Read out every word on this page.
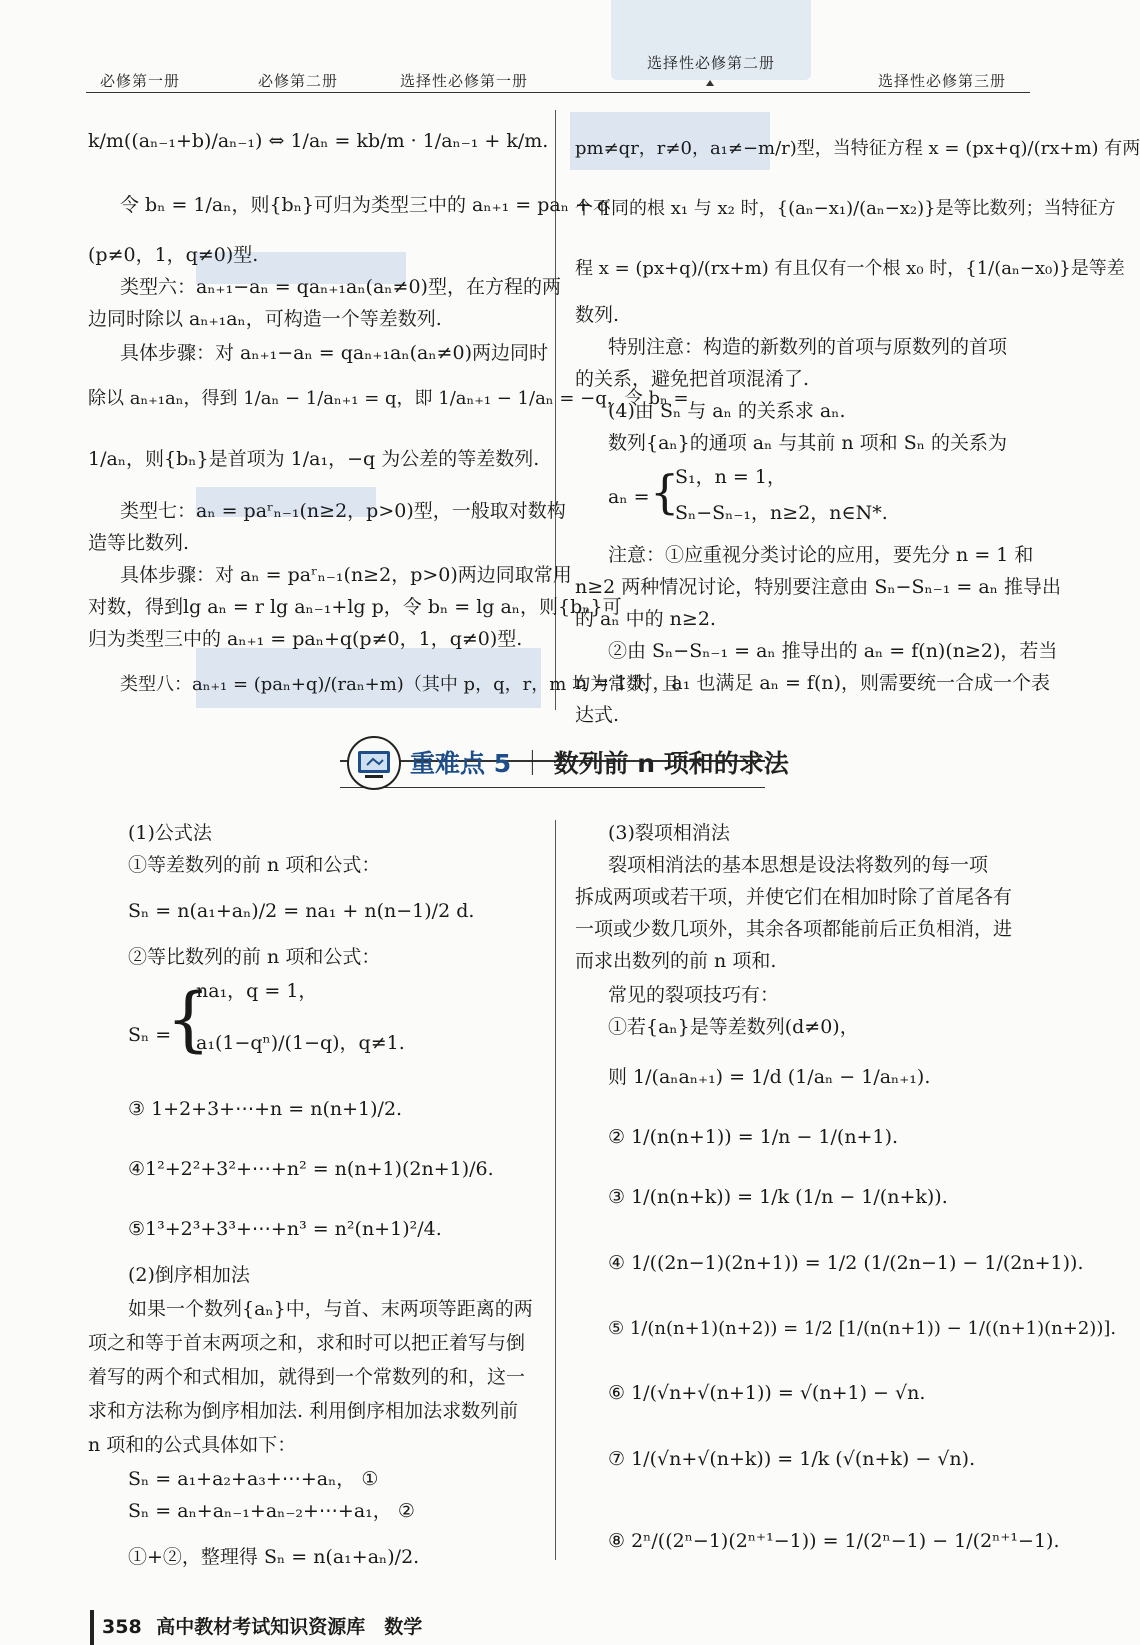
必修第一册	必修第二册	选择性必修第一册
选择性必修第二册
选择性必修第三册
k/m((aₙ₋₁+b)/aₙ₋₁) ⇔ 1/aₙ = kb/m · 1/aₙ₋₁ + k/m.
令 bₙ = 1/aₙ，则{bₙ}可归为类型三中的 aₙ₊₁ = paₙ + q
(p≠0，1，q≠0)型.
类型六：aₙ₊₁−aₙ = qaₙ₊₁aₙ(aₙ≠0)型，在方程的两
边同时除以 aₙ₊₁aₙ，可构造一个等差数列.
具体步骤：对 aₙ₊₁−aₙ = qaₙ₊₁aₙ(aₙ≠0)两边同时
除以 aₙ₊₁aₙ，得到 1/aₙ − 1/aₙ₊₁ = q，即 1/aₙ₊₁ − 1/aₙ = −q，令 bₙ =
1/aₙ，则{bₙ}是首项为 1/a₁，−q 为公差的等差数列.
类型七：aₙ = paʳₙ₋₁(n≥2，p>0)型，一般取对数构
造等比数列.
具体步骤：对 aₙ = paʳₙ₋₁(n≥2，p>0)两边同取常用
对数，得到lg aₙ = r lg aₙ₋₁+lg p，令 bₙ = lg aₙ，则{bₙ}可
归为类型三中的 aₙ₊₁ = paₙ+q(p≠0，1，q≠0)型.
类型八：aₙ₊₁ = (paₙ+q)/(raₙ+m)（其中 p，q，r，m 均为常数，且
pm≠qr，r≠0，a₁≠−m/r)型，当特征方程 x = (px+q)/(rx+m) 有两
个不同的根 x₁ 与 x₂ 时，{(aₙ−x₁)/(aₙ−x₂)}是等比数列；当特征方
程 x = (px+q)/(rx+m) 有且仅有一个根 x₀ 时，{1/(aₙ−x₀)}是等差
数列.
特别注意：构造的新数列的首项与原数列的首项
的关系，避免把首项混淆了.
(4)由 Sₙ 与 aₙ 的关系求 aₙ.
数列{aₙ}的通项 aₙ 与其前 n 项和 Sₙ 的关系为
aₙ = {
S₁，n = 1，
Sₙ−Sₙ₋₁，n≥2，n∈N*.
注意：①应重视分类讨论的应用，要先分 n = 1 和
n≥2 两种情况讨论，特别要注意由 Sₙ−Sₙ₋₁ = aₙ 推导出
的 aₙ 中的 n≥2.
②由 Sₙ−Sₙ₋₁ = aₙ 推导出的 aₙ = f(n)(n≥2)，若当
n = 1 时，a₁ 也满足 aₙ = f(n)，则需要统一合成一个表
达式.
重难点 5 ｜ 数列前 n 项和的求法
(1)公式法
①等差数列的前 n 项和公式：
Sₙ = n(a₁+aₙ)/2 = na₁ + n(n−1)/2 d.
②等比数列的前 n 项和公式：
Sₙ =
{
na₁，q = 1，
a₁(1−qⁿ)/(1−q)，q≠1.
③ 1+2+3+⋯+n = n(n+1)/2.
④1²+2²+3²+⋯+n² = n(n+1)(2n+1)/6.
⑤1³+2³+3³+⋯+n³ = n²(n+1)²/4.
(2)倒序相加法
如果一个数列{aₙ}中，与首、末两项等距离的两
项之和等于首末两项之和，求和时可以把正着写与倒
着写的两个和式相加，就得到一个常数列的和，这一
求和方法称为倒序相加法. 利用倒序相加法求数列前
n 项和的公式具体如下：
Sₙ = a₁+a₂+a₃+⋯+aₙ， ①
Sₙ = aₙ+aₙ₋₁+aₙ₋₂+⋯+a₁， ②
①+②，整理得 Sₙ = n(a₁+aₙ)/2.
(3)裂项相消法
裂项相消法的基本思想是设法将数列的每一项
拆成两项或若干项，并使它们在相加时除了首尾各有
一项或少数几项外，其余各项都能前后正负相消，进
而求出数列的前 n 项和.
常见的裂项技巧有：
①若{aₙ}是等差数列(d≠0)，
则 1/(aₙaₙ₊₁) = 1/d (1/aₙ − 1/aₙ₊₁).
② 1/(n(n+1)) = 1/n − 1/(n+1).
③ 1/(n(n+k)) = 1/k (1/n − 1/(n+k)).
④ 1/((2n−1)(2n+1)) = 1/2 (1/(2n−1) − 1/(2n+1)).
⑤ 1/(n(n+1)(n+2)) = 1/2 [1/(n(n+1)) − 1/((n+1)(n+2))].
⑥ 1/(√n+√(n+1)) = √(n+1) − √n.
⑦ 1/(√n+√(n+k)) = 1/k (√(n+k) − √n).
⑧ 2ⁿ/((2ⁿ−1)(2ⁿ⁺¹−1)) = 1/(2ⁿ−1) − 1/(2ⁿ⁺¹−1).
358 高中教材考试知识资源库　数学
